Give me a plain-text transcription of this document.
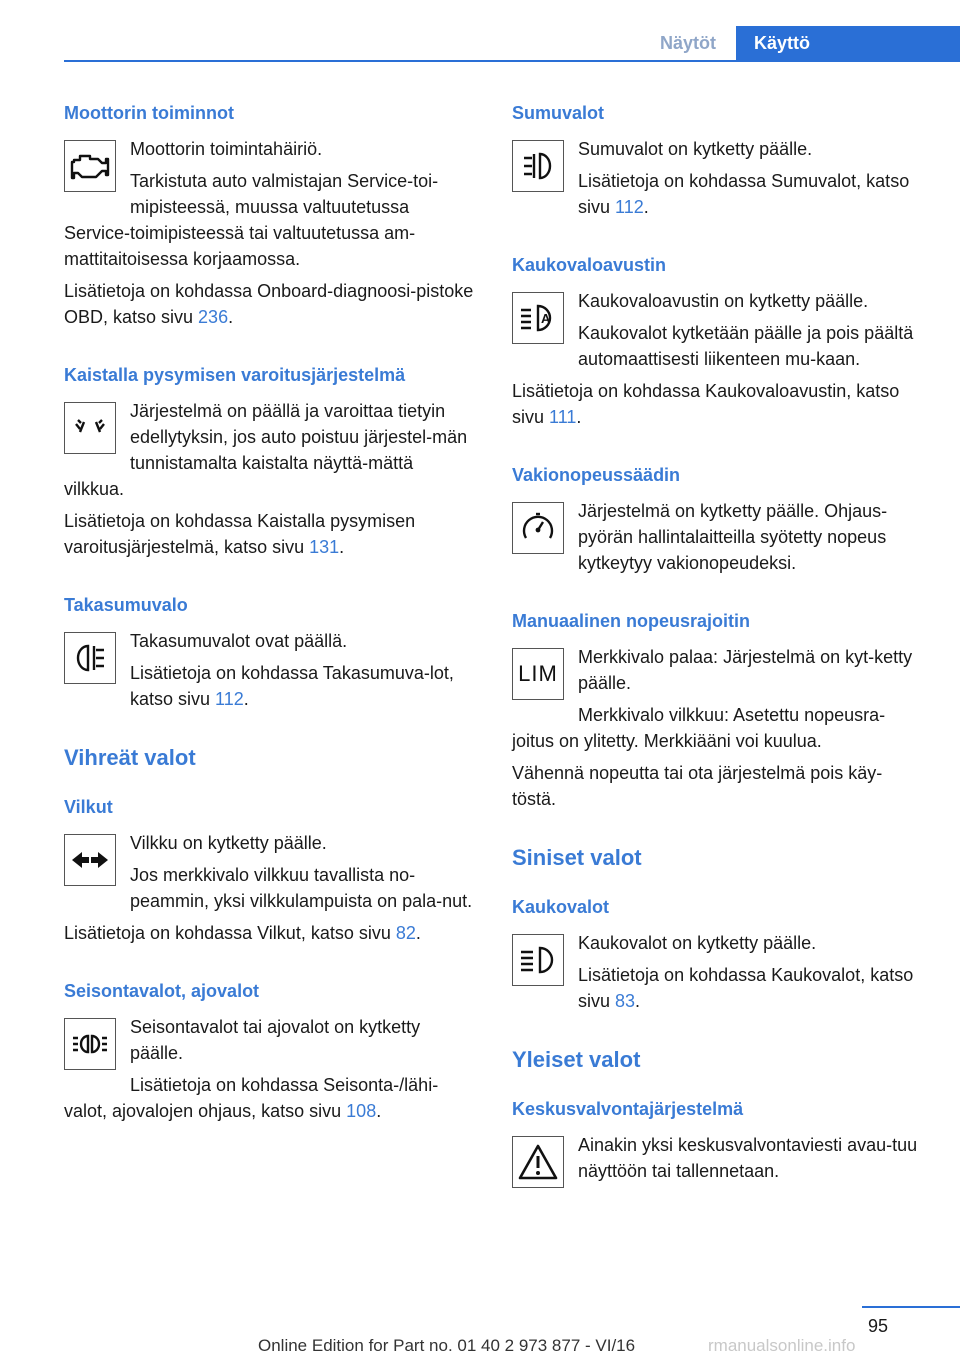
Näytöt	Käyttö
Moottorin toiminnot

Moottorin toimintahäiriö.

Tarkistuta auto valmistajan Service-toi-mipisteessä, muussa valtuutetussa Service-toimipisteessä tai valtuutetussa am-mattitaitoisessa korjaamossa.

Lisätietoja on kohdassa Onboard-diagnoosi-pistoke OBD, katso sivu 236.

Kaistalla pysymisen varoitusjärjestelmä

Järjestelmä on päällä ja varoittaa tietyin edellytyksin, jos auto poistuu järjestel-män tunnistamalta kaistalta näyttä-mättä vilkkua.

Lisätietoja on kohdassa Kaistalla pysymisen varoitusjärjestelmä, katso sivu 131.

Takasumuvalo

Takasumuvalot ovat päällä.

Lisätietoja on kohdassa Takasumuva-lot, katso sivu 112.

Vihreät valot
Vilkut

Vilkku on kytketty päälle.

Jos merkkivalo vilkkuu tavallista no-peammin, yksi vilkkulampuista on pala-nut.

Lisätietoja on kohdassa Vilkut, katso sivu 82.

Seisontavalot, ajovalot

Seisontavalot tai ajovalot on kytketty päälle.

Lisätietoja on kohdassa Seisonta-/lähi-valot, ajovalojen ohjaus, katso sivu 108.

Sumuvalot

Sumuvalot on kytketty päälle.

Lisätietoja on kohdassa Sumuvalot, katso sivu 112.

Kaukovaloavustin
A

Kaukovaloavustin on kytketty päälle.

Kaukovalot kytketään päälle ja pois päältä automaattisesti liikenteen mu-kaan.

Lisätietoja on kohdassa Kaukovaloavustin, katso sivu 111.

Vakionopeussäädin

Järjestelmä on kytketty päälle. Ohjaus-pyörän hallintalaitteilla syötetty nopeus kytkeytyy vakionopeudeksi.

Manuaalinen nopeusrajoitin
LIM

Merkkivalo palaa: Järjestelmä on kyt-ketty päälle.

Merkkivalo vilkkuu: Asetettu nopeusra-joitus on ylitetty. Merkkiääni voi kuulua.

Vähennä nopeutta tai ota järjestelmä pois käy-töstä.

Siniset valot
Kaukovalot

Kaukovalot on kytketty päälle.

Lisätietoja on kohdassa Kaukovalot, katso sivu 83.

Yleiset valot
Keskusvalvontajärjestelmä

Ainakin yksi keskusvalvontaviesti avau-tuu näyttöön tai tallennetaan.

95
Online Edition for Part no. 01 40 2 973 877 - VI/16	rmanualsonline.info
